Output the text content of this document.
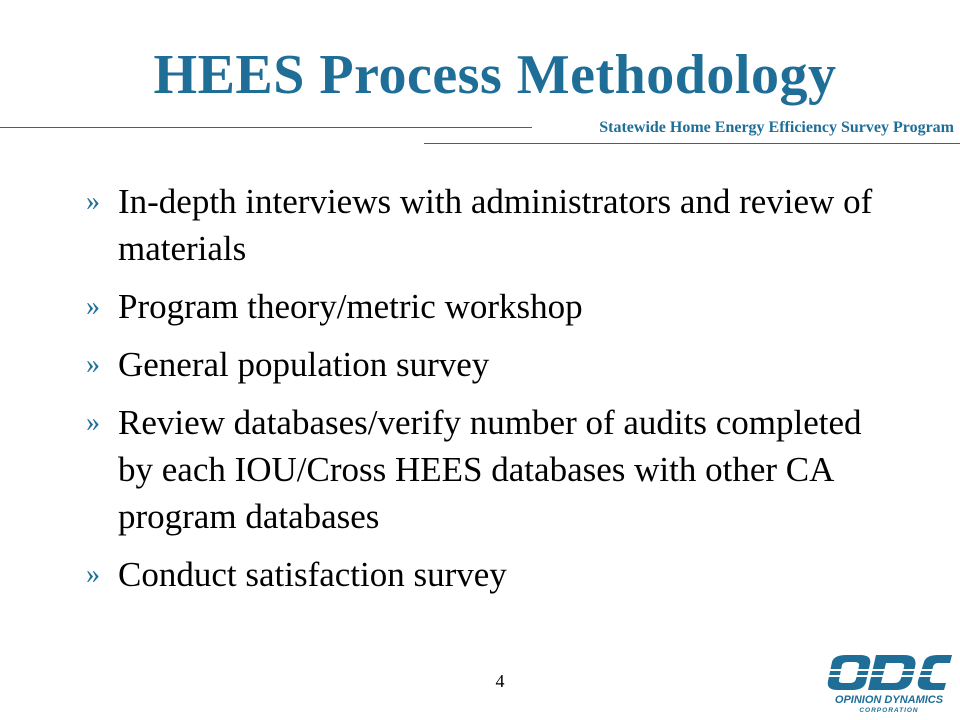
HEES Process Methodology
Statewide Home Energy Efficiency Survey Program
» In-depth interviews with administrators and review of materials
» Program theory/metric workshop
» General population survey
» Review databases/verify number of audits completed by each IOU/Cross HEES databases with other CA program databases
» Conduct satisfaction survey
4
OPINION DYNAMICS
CORPORATION
